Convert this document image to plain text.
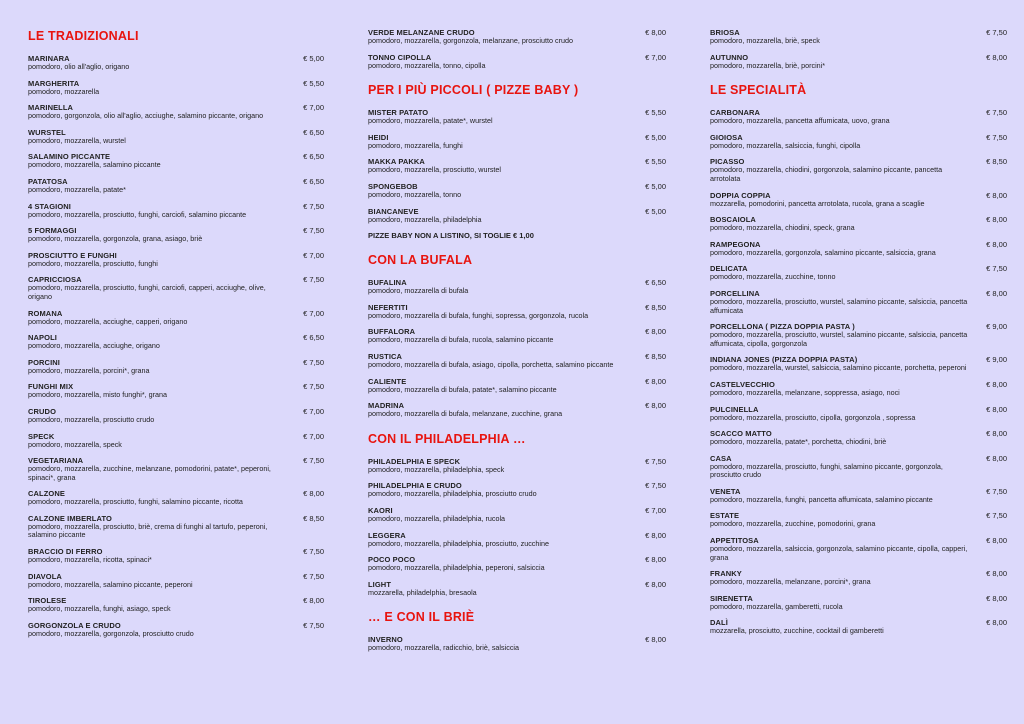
LE TRADIZIONALI
MARINARA
pomodoro, olio all'aglio, origano
€ 5,00
MARGHERITA
pomodoro, mozzarella
€ 5,50
MARINELLA
pomodoro, gorgonzola, olio all'aglio, acciughe, salamino piccante, origano
€ 7,00
WURSTEL
pomodoro, mozzarella, wurstel
€ 6,50
SALAMINO PICCANTE
pomodoro, mozzarella, salamino piccante
€ 6,50
PATATOSA
pomodoro, mozzarella, patate*
€ 6,50
4 STAGIONI
pomodoro, mozzarella, prosciutto, funghi, carciofi, salamino piccante
€ 7,50
5 FORMAGGI
pomodoro, mozzarella, gorgonzola, grana, asiago, briè
€ 7,50
PROSCIUTTO E FUNGHI
pomodoro, mozzarella, prosciutto, funghi
€ 7,00
CAPRICCIOSA
pomodoro, mozzarella, prosciutto, funghi, carciofi, capperi, acciughe, olive, origano
€ 7,50
ROMANA
pomodoro, mozzarella, acciughe, capperi, origano
€ 7,00
NAPOLI
pomodoro, mozzarella, acciughe, origano
€ 6,50
PORCINI
pomodoro, mozzarella, porcini*, grana
€ 7,50
FUNGHI MIX
pomodoro, mozzarella, misto funghi*, grana
€ 7,50
CRUDO
pomodoro, mozzarella, prosciutto crudo
€ 7,00
SPECK
pomodoro, mozzarella, speck
€ 7,00
VEGETARIANA
pomodoro, mozzarella, zucchine, melanzane, pomodorini, patate*, peperoni, spinaci*, grana
€ 7,50
CALZONE
pomodoro, mozzarella, prosciutto, funghi, salamino piccante, ricotta
€ 8,00
CALZONE IMBERLATO
pomodoro, mozzarella, prosciutto, briè, crema di funghi al tartufo, peperoni, salamino piccante
€ 8,50
BRACCIO DI FERRO
pomodoro, mozzarella, ricotta, spinaci*
€ 7,50
DIAVOLA
pomodoro, mozzarella, salamino piccante, peperoni
€ 7,50
TIROLESE
pomodoro, mozzarella, funghi, asiago, speck
€ 8,00
GORGONZOLA E CRUDO
pomodoro, mozzarella, gorgonzola, prosciutto crudo
€ 7,50
VERDE MELANZANE CRUDO
pomodoro, mozzarella, gorgonzola, melanzane, prosciutto crudo
€ 8,00
TONNO CIPOLLA
pomodoro, mozzarella, tonno, cipolla
€ 7,00
PER I PIÙ PICCOLI ( PIZZE BABY )
MISTER PATATO
pomodoro, mozzarella, patate*, wurstel
€ 5,50
HEIDI
pomodoro, mozzarella, funghi
€ 5,00
MAKKA PAKKA
pomodoro, mozzarella, prosciutto, wurstel
€ 5,50
SPONGEBOB
pomodoro, mozzarella, tonno
€ 5,00
BIANCANEVE
pomodoro, mozzarella, philadelphia
€ 5,00
PIZZE BABY NON A LISTINO, SI TOGLIE € 1,00
CON LA BUFALA
BUFALINA
pomodoro, mozzarella di bufala
€ 6,50
NEFERTITI
pomodoro, mozzarella di bufala, funghi, sopressa, gorgonzola, rucola
€ 8,50
BUFFALORA
pomodoro, mozzarella di bufala, rucola, salamino piccante
€ 8,00
RUSTICA
pomodoro, mozzarella di bufala, asiago, cipolla, porchetta, salamino piccante
€ 8,50
CALIENTE
pomodoro, mozzarella di bufala, patate*, salamino piccante
€ 8,00
MADRINA
pomodoro, mozzarella di bufala, melanzane, zucchine, grana
€ 8,00
CON IL PHILADELPHIA …
PHILADELPHIA E SPECK
pomodoro, mozzarella, philadelphia, speck
€ 7,50
PHILADELPHIA E CRUDO
pomodoro, mozzarella, philadelphia, prosciutto crudo
€ 7,50
KAORI
pomodoro, mozzarella, philadelphia, rucola
€ 7,00
LEGGERA
pomodoro, mozzarella, philadelphia, prosciutto, zucchine
€ 8,00
POCO POCO
pomodoro, mozzarella, philadelphia, peperoni, salsiccia
€ 8,00
LIGHT
mozzarella, philadelphia, bresaola
€ 8,00
… E CON IL BRIÈ
INVERNO
pomodoro, mozzarella, radicchio, briè, salsiccia
€ 8,00
BRIOSA
pomodoro, mozzarella, briè, speck
€ 7,50
AUTUNNO
pomodoro, mozzarella, briè, porcini*
€ 8,00
LE SPECIALITÀ
CARBONARA
pomodoro, mozzarella, pancetta affumicata, uovo, grana
€ 7,50
GIOIOSA
pomodoro, mozzarella, salsiccia, funghi, cipolla
€ 7,50
PICASSO
pomodoro, mozzarella, chiodini, gorgonzola, salamino piccante, pancetta arrotolata
€ 8,50
DOPPIA COPPIA
mozzarella, pomodorini, pancetta arrotolata, rucola, grana a scaglie
€ 8,00
BOSCAIOLA
pomodoro, mozzarella, chiodini, speck, grana
€ 8,00
RAMPEGONA
pomodoro, mozzarella, gorgonzola, salamino piccante, salsiccia, grana
€ 8,00
DELICATA
pomodoro, mozzarella, zucchine, tonno
€ 7,50
PORCELLINA
pomodoro, mozzarella, prosciutto, wurstel, salamino piccante, salsiccia, pancetta affumicata
€ 8,00
PORCELLONA ( PIZZA DOPPIA PASTA )
pomodoro, mozzarella, prosciutto, wurstel, salamino piccante, salsiccia, pancetta affumicata, cipolla, gorgonzola
€ 9,00
INDIANA JONES (PIZZA DOPPIA PASTA)
pomodoro, mozzarella, wurstel, salsiccia, salamino piccante, porchetta, peperoni
€ 9,00
CASTELVECCHIO
pomodoro, mozzarella, melanzane, soppressa, asiago, noci
€ 8,00
PULCINELLA
pomodoro, mozzarella, prosciutto, cipolla, gorgonzola , sopressa
€ 8,00
SCACCO MATTO
pomodoro, mozzarella, patate*, porchetta, chiodini, briè
€ 8,00
CASA
pomodoro, mozzarella, prosciutto, funghi, salamino piccante, gorgonzola, prosciutto crudo
€ 8,00
VENETA
pomodoro, mozzarella, funghi, pancetta affumicata, salamino piccante
€ 7,50
ESTATE
pomodoro, mozzarella, zucchine, pomodorini, grana
€ 7,50
APPETITOSA
pomodoro, mozzarella, salsiccia, gorgonzola, salamino piccante, cipolla, capperi, grana
€ 8,00
FRANKY
pomodoro, mozzarella, melanzane, porcini*, grana
€ 8,00
SIRENETTA
pomodoro, mozzarella, gamberetti, rucola
€ 8,00
DALÌ
mozzarella, prosciutto, zucchine, cocktail di gamberetti
€ 8,00
